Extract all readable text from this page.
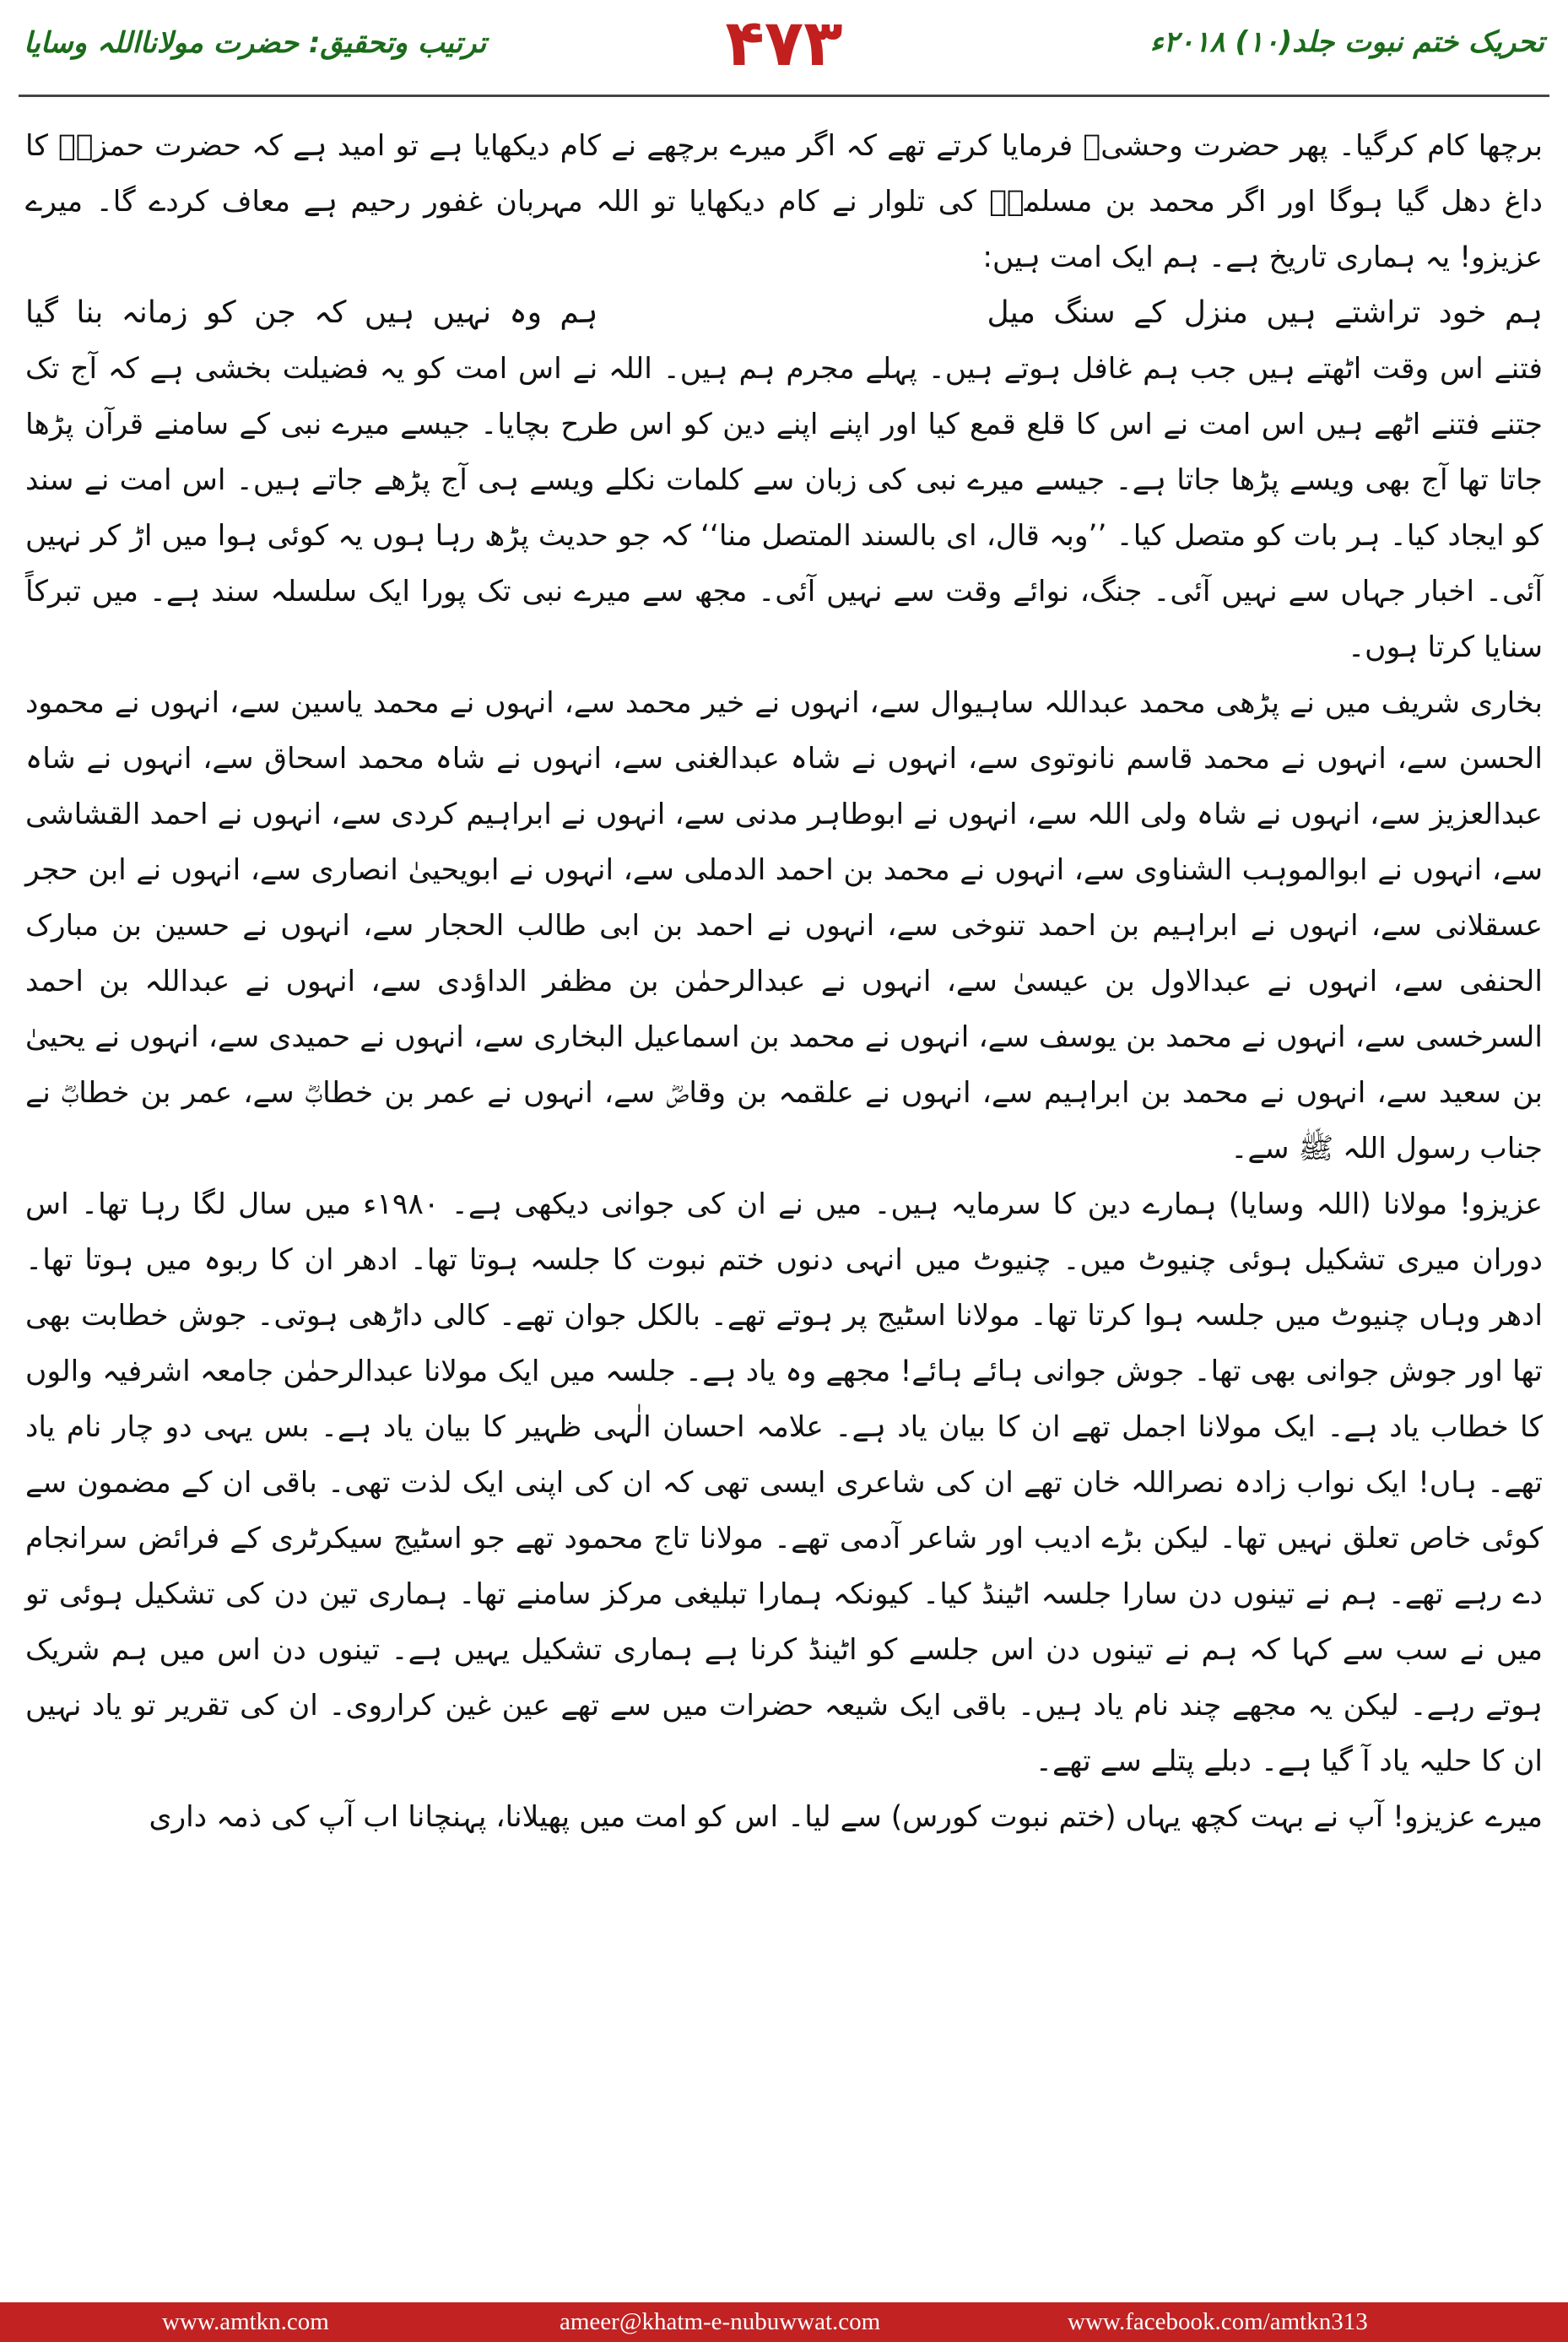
تحریک ختم نبوت جلد(۱۰) ۲۰۱۸ء
۴۷۳
ترتیب وتحقیق: حضرت مولانااللہ وسایا

برچھا کام کرگیا۔ پھر حضرت وحشیؓ فرمایا کرتے تھے کہ اگر میرے برچھے نے کام دیکھایا ہے تو امید ہے کہ حضرت حمزہؓ کا داغ دھل گیا ہوگا اور اگر محمد بن مسلمہؓ کی تلوار نے کام دیکھایا تو اللہ مہربان غفور رحیم ہے معاف کردے گا۔ میرے عزیزو! یہ ہماری تاریخ ہے۔ ہم ایک امت ہیں:

ہم خود تراشتے ہیں منزل کے سنگ میل
ہم وہ نہیں ہیں کہ جن کو زمانہ بنا گیا

فتنے اس وقت اٹھتے ہیں جب ہم غافل ہوتے ہیں۔ پہلے مجرم ہم ہیں۔ اللہ نے اس امت کو یہ فضیلت بخشی ہے کہ آج تک جتنے فتنے اٹھے ہیں اس امت نے اس کا قلع قمع کیا اور اپنے اپنے دین کو اس طرح بچایا۔ جیسے میرے نبی کے سامنے قرآن پڑھا جاتا تھا آج بھی ویسے پڑھا جاتا ہے۔ جیسے میرے نبی کی زبان سے کلمات نکلے ویسے ہی آج پڑھے جاتے ہیں۔ اس امت نے سند کو ایجاد کیا۔ ہر بات کو متصل کیا۔ ’’وبہ قال، ای بالسند المتصل منا‘‘ کہ جو حدیث پڑھ رہا ہوں یہ کوئی ہوا میں اڑ کر نہیں آئی۔ اخبار جہاں سے نہیں آئی۔ جنگ، نوائے وقت سے نہیں آئی۔ مجھ سے میرے نبی تک پورا ایک سلسلہ سند ہے۔ میں تبرکاً سنایا کرتا ہوں۔

بخاری شریف میں نے پڑھی محمد عبداللہ ساہیوال سے، انہوں نے خیر محمد سے، انہوں نے محمد یاسین سے، انہوں نے محمود الحسن سے، انہوں نے محمد قاسم نانوتوی سے، انہوں نے شاہ عبدالغنی سے، انہوں نے شاہ محمد اسحاق سے، انہوں نے شاہ عبدالعزیز سے، انہوں نے شاہ ولی اللہ سے، انہوں نے ابوطاہر مدنی سے، انہوں نے ابراہیم کردی سے، انہوں نے احمد القشاشی سے، انہوں نے ابوالموہب الشناوی سے، انہوں نے محمد بن احمد الدملی سے، انہوں نے ابویحییٰ انصاری سے، انہوں نے ابن حجر عسقلانی سے، انہوں نے ابراہیم بن احمد تنوخی سے، انہوں نے احمد بن ابی طالب الحجار سے، انہوں نے حسین بن مبارک الحنفی سے، انہوں نے عبدالاول بن عیسیٰ سے، انہوں نے عبدالرحمٰن بن مظفر الداؤدی سے، انہوں نے عبداللہ بن احمد السرخسی سے، انہوں نے محمد بن یوسف سے، انہوں نے محمد بن اسماعیل البخاری سے، انہوں نے حمیدی سے، انہوں نے یحییٰ بن سعید سے، انہوں نے محمد بن ابراہیم سے، انہوں نے علقمہ بن وقاصؓ سے، انہوں نے عمر بن خطابؓ سے، عمر بن خطابؓ نے جناب رسول اللہ ﷺ سے۔

عزیزو! مولانا (اللہ وسایا) ہمارے دین کا سرمایہ ہیں۔ میں نے ان کی جوانی دیکھی ہے۔ ۱۹۸۰ء میں سال لگا رہا تھا۔ اس دوران میری تشکیل ہوئی چنیوٹ میں۔ چنیوٹ میں انہی دنوں ختم نبوت کا جلسہ ہوتا تھا۔ ادھر ان کا ربوہ میں ہوتا تھا۔ ادھر وہاں چنیوٹ میں جلسہ ہوا کرتا تھا۔ مولانا اسٹیج پر ہوتے تھے۔ بالکل جوان تھے۔ کالی داڑھی ہوتی۔ جوش خطابت بھی تھا اور جوش جوانی بھی تھا۔ جوش جوانی ہائے ہائے! مجھے وہ یاد ہے۔ جلسہ میں ایک مولانا عبدالرحمٰن جامعہ اشرفیہ والوں کا خطاب یاد ہے۔ ایک مولانا اجمل تھے ان کا بیان یاد ہے۔ علامہ احسان الٰہی ظہیر کا بیان یاد ہے۔ بس یہی دو چار نام یاد تھے۔ ہاں! ایک نواب زادہ نصراللہ خان تھے ان کی شاعری ایسی تھی کہ ان کی اپنی ایک لذت تھی۔ باقی ان کے مضمون سے کوئی خاص تعلق نہیں تھا۔ لیکن بڑے ادیب اور شاعر آدمی تھے۔ مولانا تاج محمود تھے جو اسٹیج سیکرٹری کے فرائض سرانجام دے رہے تھے۔ ہم نے تینوں دن سارا جلسہ اٹینڈ کیا۔ کیونکہ ہمارا تبلیغی مرکز سامنے تھا۔ ہماری تین دن کی تشکیل ہوئی تو میں نے سب سے کہا کہ ہم نے تینوں دن اس جلسے کو اٹینڈ کرنا ہے ہماری تشکیل یہیں ہے۔ تینوں دن اس میں ہم شریک ہوتے رہے۔ لیکن یہ مجھے چند نام یاد ہیں۔ باقی ایک شیعہ حضرات میں سے تھے عین غین کراروی۔ ان کی تقریر تو یاد نہیں ان کا حلیہ یاد آ گیا ہے۔ دبلے پتلے سے تھے۔

میرے عزیزو! آپ نے بہت کچھ یہاں (ختم نبوت کورس) سے لیا۔ اس کو امت میں پھیلانا، پہنچانا اب آپ کی ذمہ داری

www.amtkn.com	ameer@khatm-e-nubuwwat.com	www.facebook.com/amtkn313
